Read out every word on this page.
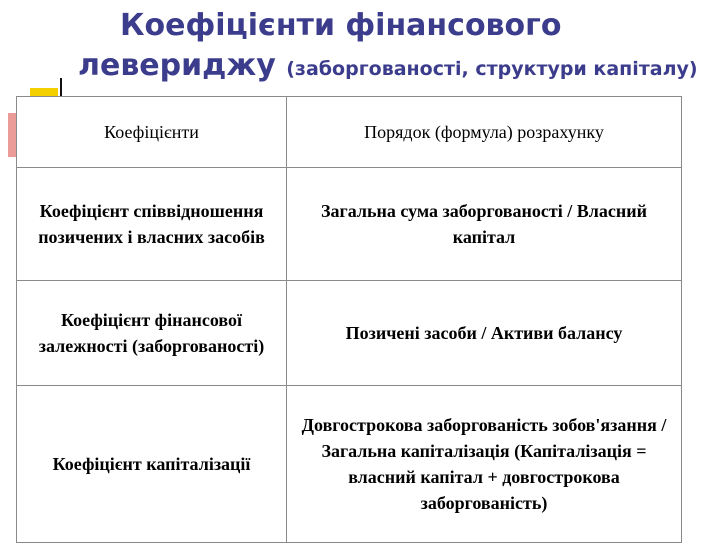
Коефіцієнти фінансового
левериджу (заборгованості, структури капіталу)
Коефіцієнти	Порядок (формула) розрахунку
Коефіцієнт співвідношення позичених і власних засобів	Загальна сума заборгованості / Власний капітал
Коефіцієнт фінансової залежності (заборгованості)	Позичені засоби / Активи балансу
Коефіцієнт капіталізації	Довгострокова заборгованість зобов'язання / Загальна капіталізація (Капіталізація = власний капітал + довгострокова заборгованість)
